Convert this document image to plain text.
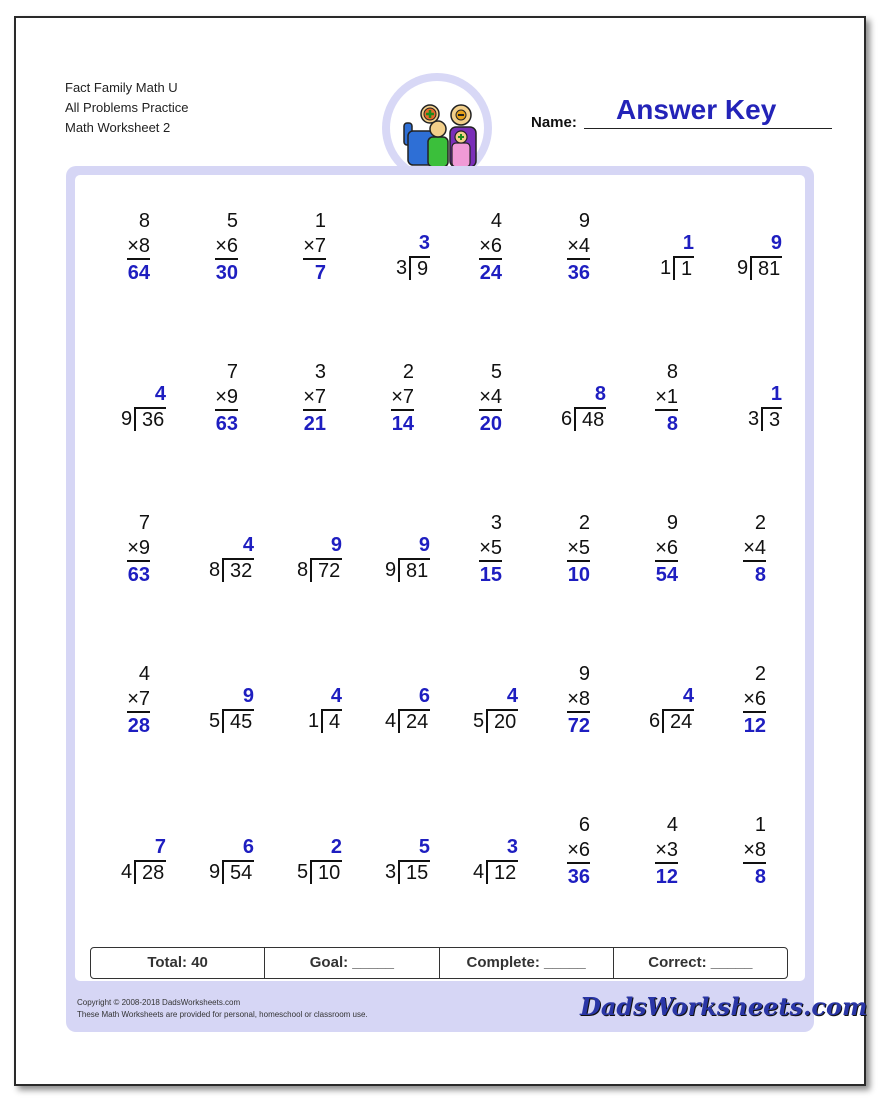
Fact Family Math U
All Problems Practice
Math Worksheet 2	Name: Answer Key
8
×8
64
5
×6
30
1
×7
7
3
3 9
4
×6
24
9
×4
36
1
1 1
9
9 81
4
9 36
7
×9
63
3
×7
21
2
×7
14
5
×4
20
8
6 48
8
×1
8
1
3 3
7
×9
63
4
8 32
9
8 72
9
9 81
3
×5
15
2
×5
10
9
×6
54
2
×4
8
4
×7
28
9
5 45
4
1 4
6
4 24
4
5 20
9
×8
72
4
6 24
2
×6
12
7
4 28
6
9 54
2
5 10
5
3 15
3
4 12
6
×6
36
4
×3
12
1
×8
8
Total: 40	Goal: _____	Complete: _____	Correct: _____
Copyright © 2008-2018 DadsWorksheets.com
These Math Worksheets are provided for personal, homeschool or classroom use.	DadsWorksheets.com
